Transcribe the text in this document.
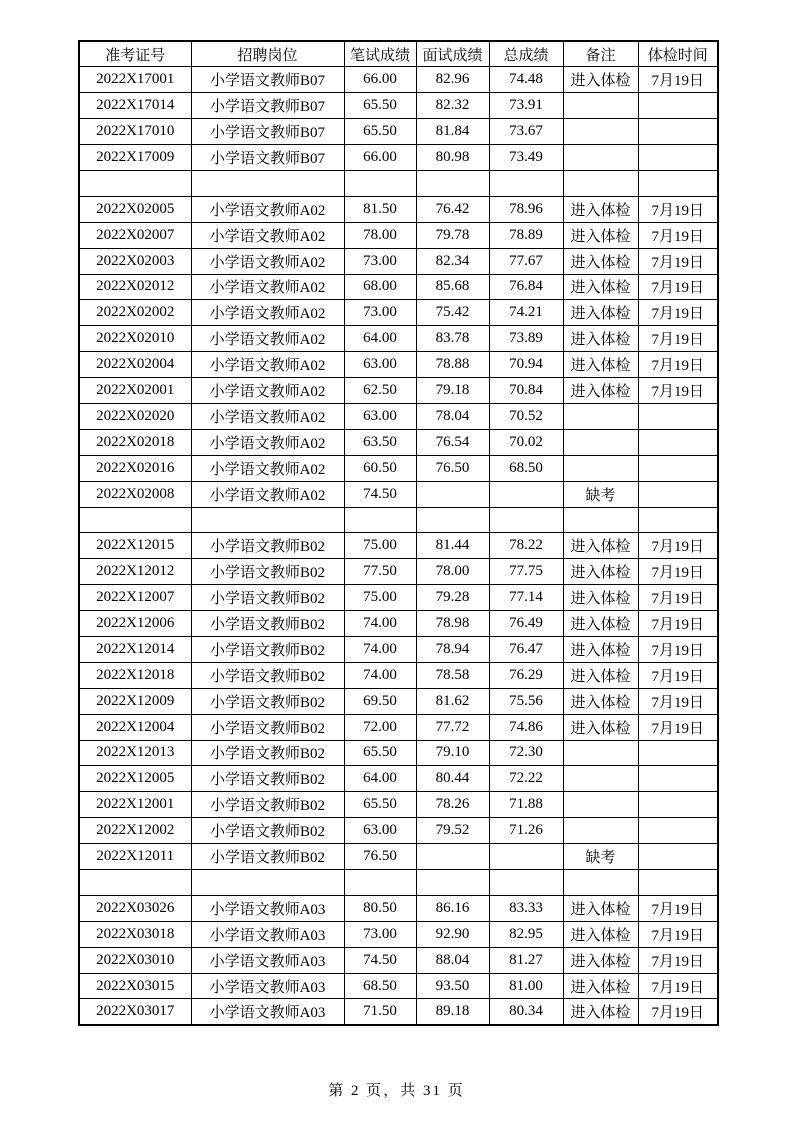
准考证号	招聘岗位	笔试成绩	面试成绩	总成绩	备注	体检时间
2022X17001	小学语文教师B07	66.00	82.96	74.48	进入体检	7月19日
2022X17014	小学语文教师B07	65.50	82.32	73.91		
2022X17010	小学语文教师B07	65.50	81.84	73.67		
2022X17009	小学语文教师B07	66.00	80.98	73.49		

2022X02005	小学语文教师A02	81.50	76.42	78.96	进入体检	7月19日
2022X02007	小学语文教师A02	78.00	79.78	78.89	进入体检	7月19日
2022X02003	小学语文教师A02	73.00	82.34	77.67	进入体检	7月19日
2022X02012	小学语文教师A02	68.00	85.68	76.84	进入体检	7月19日
2022X02002	小学语文教师A02	73.00	75.42	74.21	进入体检	7月19日
2022X02010	小学语文教师A02	64.00	83.78	73.89	进入体检	7月19日
2022X02004	小学语文教师A02	63.00	78.88	70.94	进入体检	7月19日
2022X02001	小学语文教师A02	62.50	79.18	70.84	进入体检	7月19日
2022X02020	小学语文教师A02	63.00	78.04	70.52		
2022X02018	小学语文教师A02	63.50	76.54	70.02		
2022X02016	小学语文教师A02	60.50	76.50	68.50		
2022X02008	小学语文教师A02	74.50			缺考	

2022X12015	小学语文教师B02	75.00	81.44	78.22	进入体检	7月19日
2022X12012	小学语文教师B02	77.50	78.00	77.75	进入体检	7月19日
2022X12007	小学语文教师B02	75.00	79.28	77.14	进入体检	7月19日
2022X12006	小学语文教师B02	74.00	78.98	76.49	进入体检	7月19日
2022X12014	小学语文教师B02	74.00	78.94	76.47	进入体检	7月19日
2022X12018	小学语文教师B02	74.00	78.58	76.29	进入体检	7月19日
2022X12009	小学语文教师B02	69.50	81.62	75.56	进入体检	7月19日
2022X12004	小学语文教师B02	72.00	77.72	74.86	进入体检	7月19日
2022X12013	小学语文教师B02	65.50	79.10	72.30		
2022X12005	小学语文教师B02	64.00	80.44	72.22		
2022X12001	小学语文教师B02	65.50	78.26	71.88		
2022X12002	小学语文教师B02	63.00	79.52	71.26		
2022X12011	小学语文教师B02	76.50			缺考	

2022X03026	小学语文教师A03	80.50	86.16	83.33	进入体检	7月19日
2022X03018	小学语文教师A03	73.00	92.90	82.95	进入体检	7月19日
2022X03010	小学语文教师A03	74.50	88.04	81.27	进入体检	7月19日
2022X03015	小学语文教师A03	68.50	93.50	81.00	进入体检	7月19日
2022X03017	小学语文教师A03	71.50	89.18	80.34	进入体检	7月19日
第 2 页，共 31 页
